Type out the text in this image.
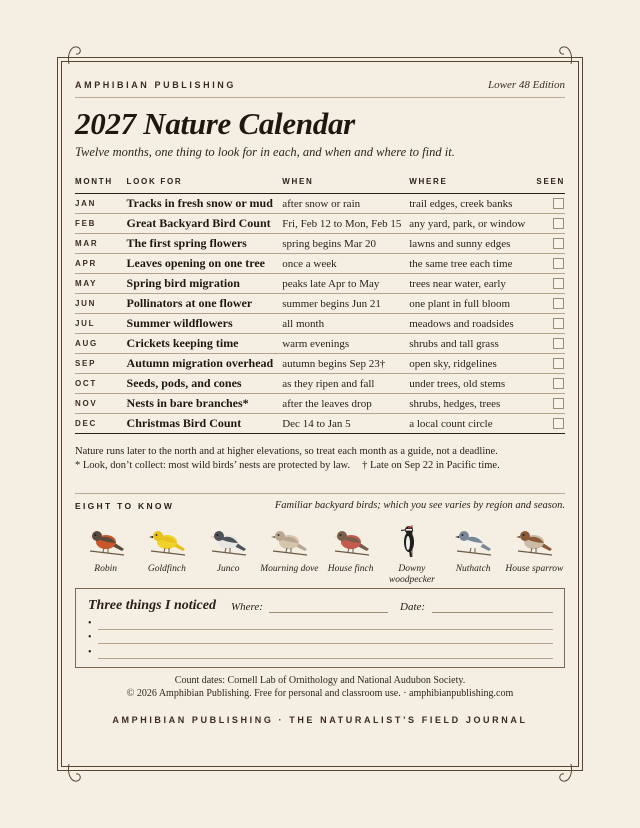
AMPHIBIAN PUBLISHING	Lower 48 Edition
2027 Nature Calendar
Twelve months, one thing to look for in each, and when and where to find it.
MONTH	LOOK FOR	WHEN	WHERE	SEEN
JAN	Tracks in fresh snow or mud	after snow or rain	trail edges, creek banks	
FEB	Great Backyard Bird Count	Fri, Feb 12 to Mon, Feb 15	any yard, park, or window	
MAR	The first spring flowers	spring begins Mar 20	lawns and sunny edges	
APR	Leaves opening on one tree	once a week	the same tree each time	
MAY	Spring bird migration	peaks late Apr to May	trees near water, early	
JUN	Pollinators at one flower	summer begins Jun 21	one plant in full bloom	
JUL	Summer wildflowers	all month	meadows and roadsides	
AUG	Crickets keeping time	warm evenings	shrubs and tall grass	
SEP	Autumn migration overhead	autumn begins Sep 23†	open sky, ridgelines	
OCT	Seeds, pods, and cones	as they ripen and fall	under trees, old stems	
NOV	Nests in bare branches*	after the leaves drop	shrubs, hedges, trees	
DEC	Christmas Bird Count	Dec 14 to Jan 5	a local count circle	
Nature runs later to the north and at higher elevations, so treat each month as a guide, not a deadline.
* Look, don’t collect: most wild birds’ nests are protected by law. † Late on Sep 22 in Pacific time.
EIGHT TO KNOW	Familiar backyard birds; which you see varies by region and season.
Robin	Goldfinch	Junco	Mourning dove House finch	Downy woodpecker
Nuthatch	House sparrow
Three things I noticed Where:	Date:
•
•
•
Count dates: Cornell Lab of Ornithology and National Audubon Society.
© 2026 Amphibian Publishing. Free for personal and classroom use. · amphibianpublishing.com
AMPHIBIAN PUBLISHING · THE NATURALIST’S FIELD JOURNAL
